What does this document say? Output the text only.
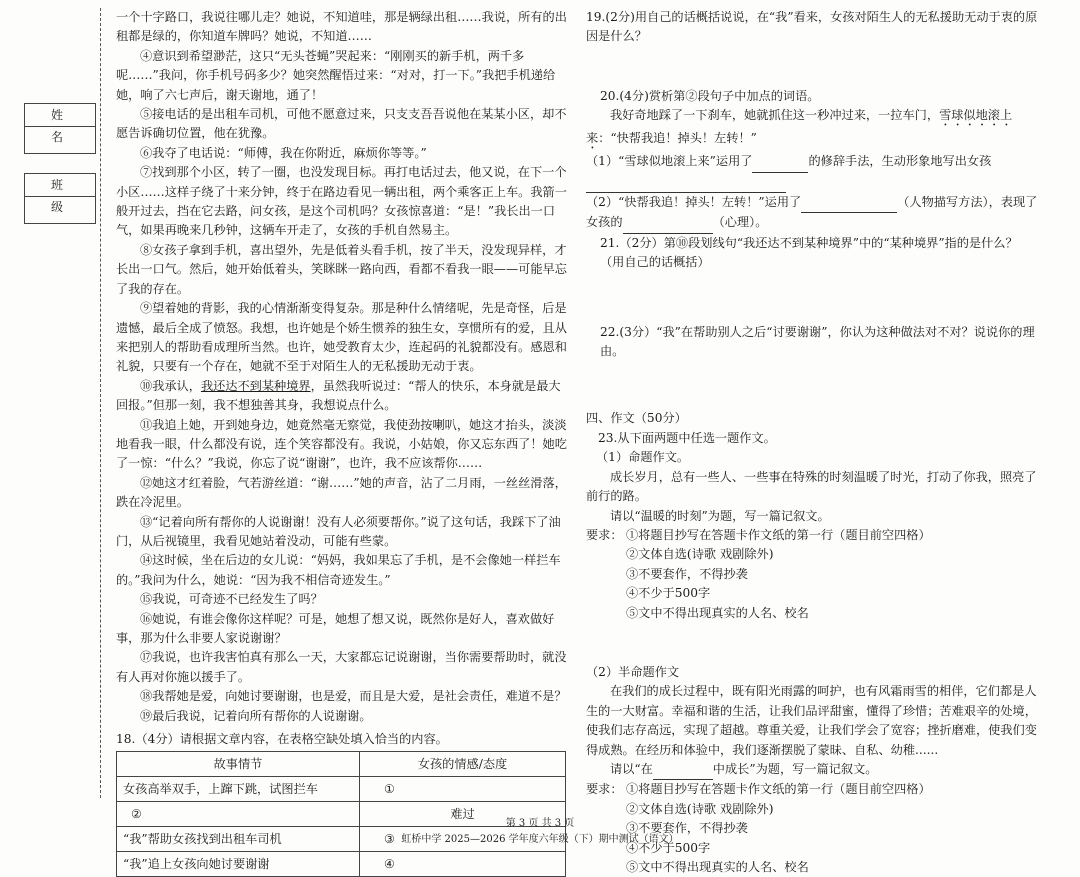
姓 名
班 级

一个十字路口，我说往哪儿走？她说，不知道哇，那是辆绿出租……我说，所有的出租都是绿的，你知道车牌吗？她说，不知道……

④意识到希望渺茫，这只“无头苍蝇”哭起来：“刚刚买的新手机，两千多呢……”我问，你手机号码多少？她突然醒悟过来：“对对，打一下。”我把手机递给她，响了六七声后，谢天谢地，通了！

⑤接电话的是出租车司机，可他不愿意过来，只支支吾吾说他在某某小区，却不愿告诉确切位置，他在犹豫。

⑥我夺了电话说：“师傅，我在你附近，麻烦你等等。”

⑦找到那个小区，转了一圈，也没发现目标。再打电话过去，他又说，在下一个小区……这样子绕了十来分钟，终于在路边看见一辆出租，两个乘客正上车。我箭一般开过去，挡在它去路，问女孩，是这个司机吗？女孩惊喜道：“是！”我长出一口气，如果再晚来几秒钟，这辆车开走了，女孩的手机自然易主。

⑧女孩子拿到手机，喜出望外，先是低着头看手机，按了半天，没发现异样，才长出一口气。然后，她开始低着头，笑眯眯一路向西，看都不看我一眼——可能早忘了我的存在。

⑨望着她的背影，我的心情渐渐变得复杂。那是种什么情绪呢，先是奇怪，后是遗憾，最后全成了愤怒。我想，也许她是个娇生惯养的独生女，享惯所有的爱，且从来把别人的帮助看成理所当然。也许，她受教育太少，连起码的礼貌都没有。感恩和礼貌，只要有一个存在，她就不至于对陌生人的无私援助无动于衷。

⑩我承认，我还达不到某种境界，虽然我听说过：“帮人的快乐，本身就是最大回报。”但那一刻，我不想独善其身，我想说点什么。

⑪我追上她，开到她身边，她竟然毫无察觉，我使劲按喇叭，她这才抬头，淡淡地看我一眼，什么都没有说，连个笑容都没有。我说，小姑娘，你又忘东西了！她吃了一惊：“什么？”我说，你忘了说“谢谢”，也许，我不应该帮你……

⑫她这才红着脸，气若游丝道：“谢……”她的声音，沾了二月雨，一丝丝滑落，跌在冷泥里。

⑬“记着向所有帮你的人说谢谢！没有人必须要帮你。”说了这句话，我踩下了油门，从后视镜里，我看见她站着没动，可能有些蒙。

⑭这时候，坐在后边的女儿说：“妈妈，我如果忘了手机，是不会像她一样拦车的。”我问为什么，她说：“因为我不相信奇迹发生。”

⑮我说，可奇迹不已经发生了吗？

⑯她说，有谁会像你这样呢？可是，她想了想又说，既然你是好人，喜欢做好事，那为什么非要人家说谢谢？

⑰我说，也许我害怕真有那么一天，大家都忘记说谢谢，当你需要帮助时，就没有人再对你施以援手了。

⑱我帮她是爱，向她讨要谢谢，也是爱，而且是大爱，是社会责任，难道不是？

⑲最后我说，记着向所有帮你的人说谢谢。

18.（4分）请根据文章内容，在表格空缺处填入恰当的内容。

故事情节	女孩的情感/态度
女孩高举双手，上蹿下跳，试图拦车	①
②	难过
“我”帮助女孩找到出租车司机	③
“我”追上女孩向她讨要谢谢	④

19.(2分)用自己的话概括说说，在“我”看来，女孩对陌生人的无私援助无动于衷的原因是什么？

20.(4分)赏析第②段句子中加点的词语。

我好奇地踩了一下刹车，她就抓住这一秒冲过来，一拉车门，雪球似地滚上来：“快帮我追！掉头！左转！”

（1）“雪球似地滚上来”运用了	的修辞手法，生动形象地写出女孩

（2）“快帮我追！掉头！左转！”运用了	（人物描写方法），表现了女孩的	（心理）。

21.（2分）第⑩段划线句“我还达不到某种境界”中的“某种境界”指的是什么？（用自己的话概括）

22.(3分）“我”在帮助别人之后“讨要谢谢”，你认为这种做法对不对？说说你的理由。

四、作文（50分）

23.从下面两题中任选一题作文。

（1）命题作文。

成长岁月，总有一些人、一些事在特殊的时刻温暖了时光，打动了你我，照亮了前行的路。

请以“温暖的时刻”为题，写一篇记叙文。

要求： ①将题目抄写在答题卡作文纸的第一行（题目前空四格）
②文体自选(诗歌 戏剧除外)
③不要套作，不得抄袭
④不少于500字
⑤文中不得出现真实的人名、校名

（2）半命题作文

在我们的成长过程中，既有阳光雨露的呵护，也有风霜雨雪的相伴，它们都是人生的一大财富。幸福和谐的生活，让我们品评甜蜜，懂得了珍惜；苦难艰辛的处境，使我们志存高远，实现了超越。尊重关爱，让我们学会了宽容；挫折磨难，使我们变得成熟。在经历和体验中，我们逐渐摆脱了蒙昧、自私、幼稚......

请以“在	中成长”为题，写一篇记叙文。

要求： ①将题目抄写在答题卡作文纸的第一行（题目前空四格）
②文体自选(诗歌 戏剧除外)
③不要套作，不得抄袭
④不少于500字
⑤文中不得出现真实的人名、校名
第 3 页 共 3 页
虹桥中学 2025—2026 学年度六年级（下）期中测试（语文）
